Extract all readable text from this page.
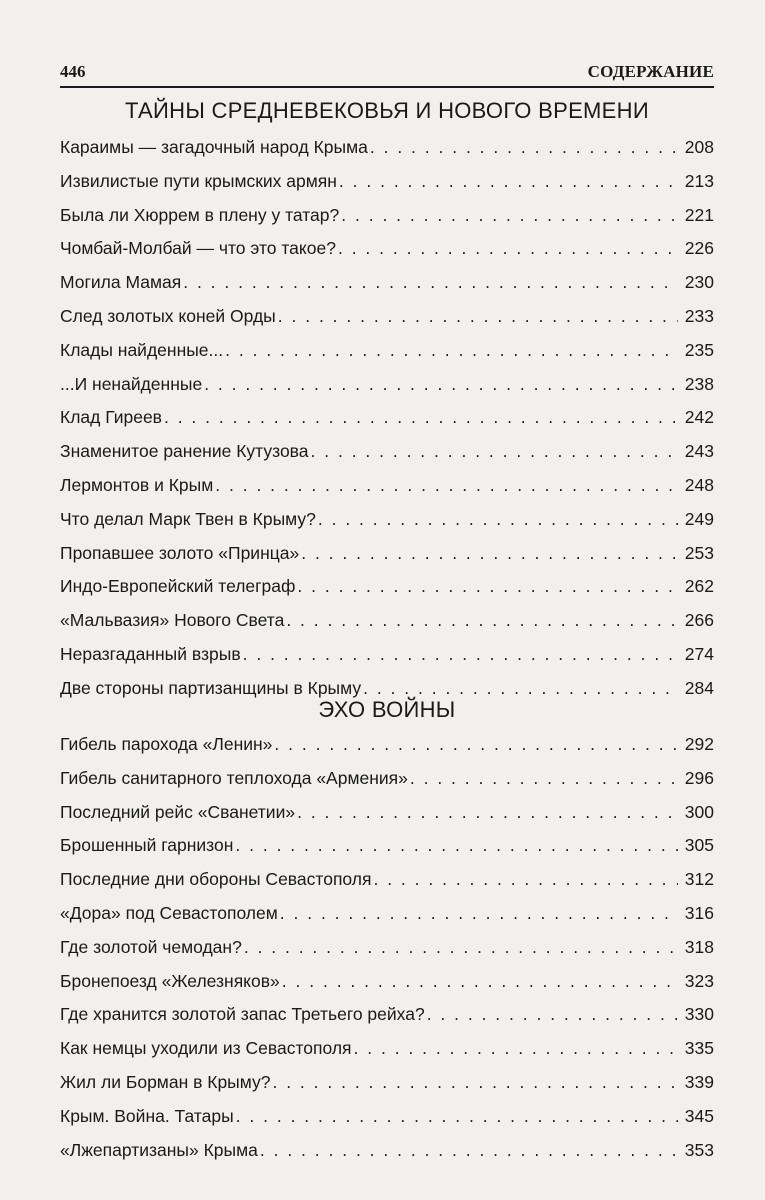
446	СОДЕРЖАНИЕ
ТАЙНЫ СРЕДНЕВЕКОВЬЯ И НОВОГО ВРЕМЕНИ
Караимы — загадочный народ Крыма . . .	208
Извилистые пути крымских армян . . .	213
Была ли Хюррем в плену у татар? . . .	221
Чомбай-Молбай — что это такое? . . .	226
Могила Мамая . . .	230
След золотых коней Орды . . .	233
Клады найденные... . . .	235
...И ненайденные . . .	238
Клад Гиреев . . .	242
Знаменитое ранение Кутузова . . .	243
Лермонтов и Крым . . .	248
Что делал Марк Твен в Крыму? . . .	249
Пропавшее золото «Принца» . . .	253
Индо-Европейский телеграф . . .	262
«Мальвазия» Нового Света . . .	266
Неразгаданный взрыв . . .	274
Две стороны партизанщины в Крыму . . .	284
ЭХО ВОЙНЫ
Гибель парохода «Ленин» . . .	292
Гибель санитарного теплохода «Армения» . . .	296
Последний рейс «Сванетии» . . .	300
Брошенный гарнизон . . .	305
Последние дни обороны Севастополя . . .	312
«Дора» под Севастополем . . .	316
Где золотой чемодан? . . .	318
Бронепоезд «Железняков» . . .	323
Где хранится золотой запас Третьего рейха? . . .	330
Как немцы уходили из Севастополя . . .	335
Жил ли Борман в Крыму? . . .	339
Крым. Война. Татары . . .	345
«Лжепартизаны» Крыма . . .	353
